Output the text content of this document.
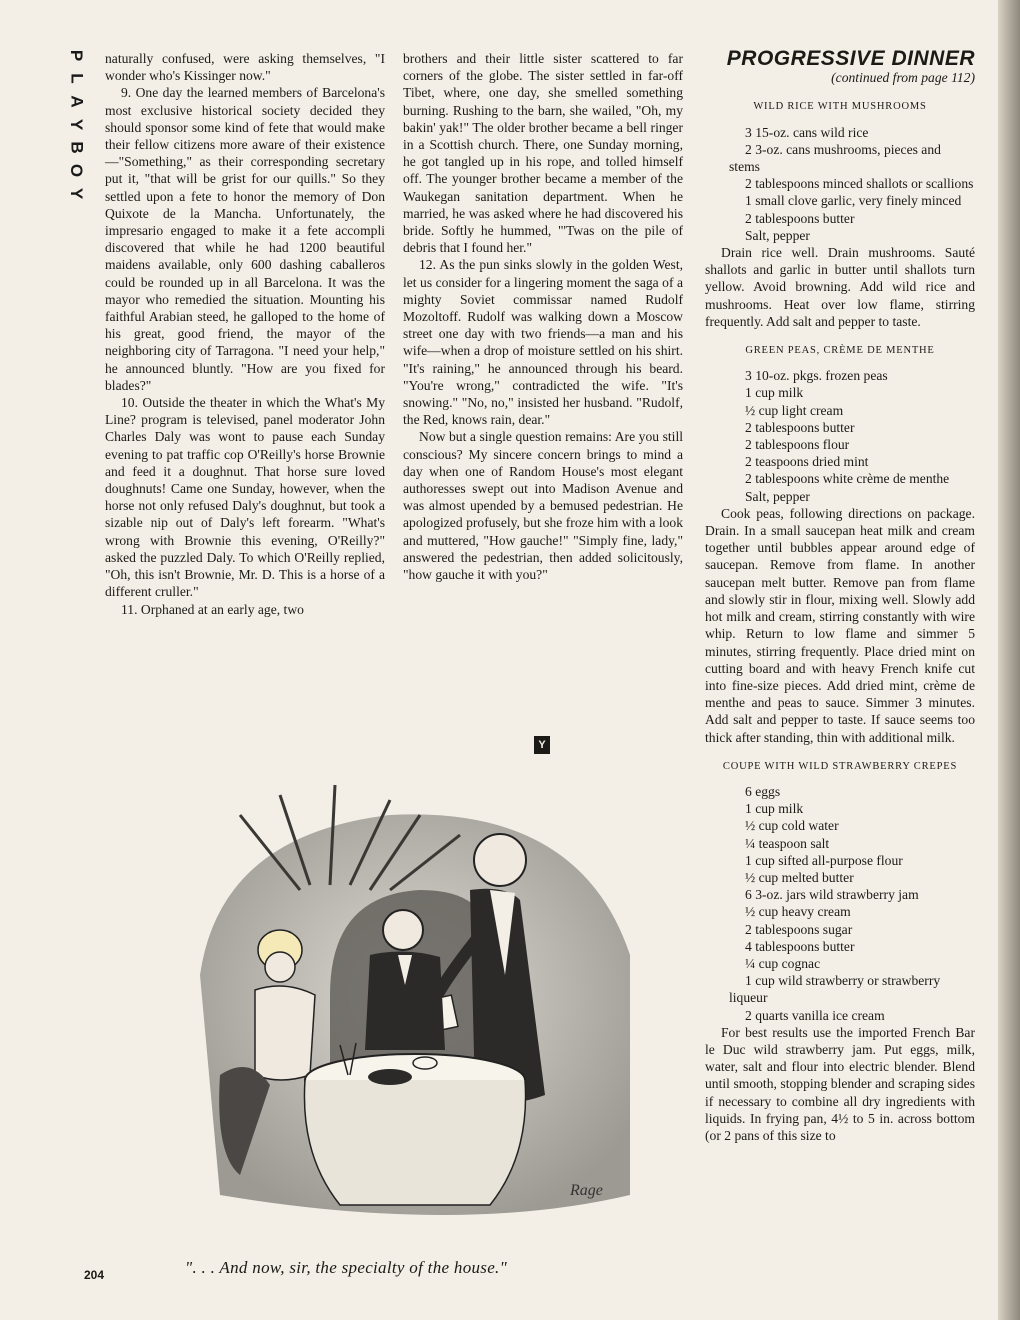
P
L
A
Y
B
O
Y

naturally confused, were asking themselves, "I wonder who's Kissinger now."

9. One day the learned members of Barcelona's most exclusive historical society decided they should sponsor some kind of fete that would make their fellow citizens more aware of their existence—"Something," as their corresponding secretary put it, "that will be grist for our quills." So they settled upon a fete to honor the memory of Don Quixote de la Mancha. Unfortunately, the impresario engaged to make it a fete accompli discovered that while he had 1200 beautiful maidens available, only 600 dashing caballeros could be rounded up in all Barcelona. It was the mayor who remedied the situation. Mounting his faithful Arabian steed, he galloped to the home of his great, good friend, the mayor of the neighboring city of Tarragona. "I need your help," he announced bluntly. "How are you fixed for blades?"

10. Outside the theater in which the What's My Line? program is televised, panel moderator John Charles Daly was wont to pause each Sunday evening to pat traffic cop O'Reilly's horse Brownie and feed it a doughnut. That horse sure loved doughnuts! Came one Sunday, however, when the horse not only refused Daly's doughnut, but took a sizable nip out of Daly's left forearm. "What's wrong with Brownie this evening, O'Reilly?" asked the puzzled Daly. To which O'Reilly replied, "Oh, this isn't Brownie, Mr. D. This is a horse of a different cruller."

11. Orphaned at an early age, two

brothers and their little sister scattered to far corners of the globe. The sister settled in far-off Tibet, where, one day, she smelled something burning. Rushing to the barn, she wailed, "Oh, my bakin' yak!" The older brother became a bell ringer in a Scottish church. There, one Sunday morning, he got tangled up in his rope, and tolled himself off. The younger brother became a member of the Waukegan sanitation department. When he married, he was asked where he had discovered his bride. Softly he hummed, "'Twas on the pile of debris that I found her."

12. As the pun sinks slowly in the golden West, let us consider for a lingering moment the saga of a mighty Soviet commissar named Rudolf Mozoltoff. Rudolf was walking down a Moscow street one day with two friends—a man and his wife—when a drop of moisture settled on his shirt. "It's raining," he announced through his beard. "You're wrong," contradicted the wife. "It's snowing." "No, no," insisted her husband. "Rudolf, the Red, knows rain, dear."

Now but a single question remains: Are you still conscious? My sincere concern brings to mind a day when one of Random House's most elegant authoresses swept out into Madison Avenue and was almost upended by a bemused pedestrian. He apologized profusely, but she froze him with a look and muttered, "How gauche!" "Simply fine, lady," answered the pedestrian, then added solicitously, "how gauche it with you?"

Y
PROGRESSIVE DINNER
(continued from page 112)
WILD RICE WITH MUSHROOMS

3 15-oz. cans wild rice

2 3-oz. cans mushrooms, pieces and stems

2 tablespoons minced shallots or scallions

1 small clove garlic, very finely minced

2 tablespoons butter

Salt, pepper

Drain rice well. Drain mushrooms. Sauté shallots and garlic in butter until shallots turn yellow. Avoid browning. Add wild rice and mushrooms. Heat over low flame, stirring frequently. Add salt and pepper to taste.

GREEN PEAS, CRÈME DE MENTHE

3 10-oz. pkgs. frozen peas

1 cup milk

½ cup light cream

2 tablespoons butter

2 tablespoons flour

2 teaspoons dried mint

2 tablespoons white crème de menthe

Salt, pepper

Cook peas, following directions on package. Drain. In a small saucepan heat milk and cream together until bubbles appear around edge of saucepan. Remove from flame. In another saucepan melt butter. Remove pan from flame and slowly stir in flour, mixing well. Slowly add hot milk and cream, stirring constantly with wire whip. Return to low flame and simmer 5 minutes, stirring frequently. Place dried mint on cutting board and with heavy French knife cut into fine-size pieces. Add dried mint, crème de menthe and peas to sauce. Simmer 3 minutes. Add salt and pepper to taste. If sauce seems too thick after standing, thin with additional milk.

COUPE WITH WILD STRAWBERRY CREPES

6 eggs

1 cup milk

½ cup cold water

¼ teaspoon salt

1 cup sifted all-purpose flour

½ cup melted butter

6 3-oz. jars wild strawberry jam

½ cup heavy cream

2 tablespoons sugar

4 tablespoons butter

¼ cup cognac

1 cup wild strawberry or strawberry liqueur

2 quarts vanilla ice cream

For best results use the imported French Bar le Duc wild strawberry jam. Put eggs, milk, water, salt and flour into electric blender. Blend until smooth, stopping blender and scraping sides if necessary to combine all dry ingredients with liquids. In frying pan, 4½ to 5 in. across bottom (or 2 pans of this size to

Rage
". . . And now, sir, the specialty of the house."
204
